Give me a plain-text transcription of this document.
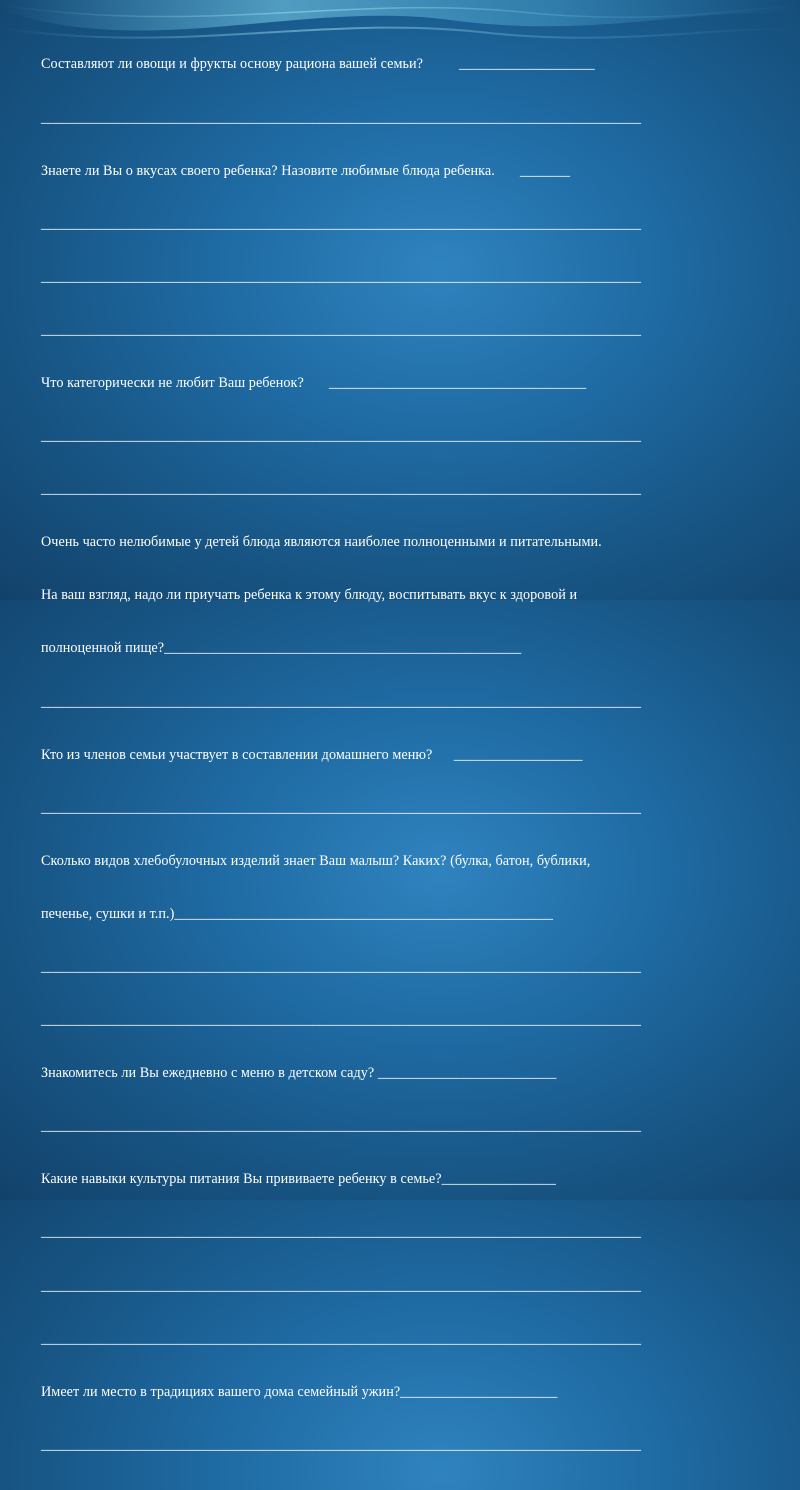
Составляют ли овощи и фрукты основу рациона вашей семьи?          ___________________

____________________________________________________________________________________

Знаете ли Вы о вкусах своего ребенка? Назовите любимые блюда ребенка.       _______

____________________________________________________________________________________

____________________________________________________________________________________

____________________________________________________________________________________

Что категорически не любит Ваш ребенок?       ____________________________________

____________________________________________________________________________________

____________________________________________________________________________________

Очень часто нелюбимые у детей блюда являются наиболее полноценными и питательными.

На ваш взгляд, надо ли приучать ребенка к этому блюду, воспитывать вкус к здоровой и

полноценной пище?__________________________________________________

____________________________________________________________________________________

Кто из членов семьи участвует в составлении домашнего меню?      __________________

____________________________________________________________________________________

Сколько видов хлебобулочных изделий знает Ваш малыш? Каких? (булка, батон, бублики,

печенье, сушки и т.п.)_____________________________________________________

____________________________________________________________________________________

____________________________________________________________________________________

Знакомитесь ли Вы ежедневно с меню в детском саду? _________________________

____________________________________________________________________________________

Какие навыки культуры питания Вы прививаете ребенку в семье?________________

____________________________________________________________________________________

____________________________________________________________________________________

____________________________________________________________________________________

Имеет ли место в традициях вашего дома семейный ужин?______________________

____________________________________________________________________________________
